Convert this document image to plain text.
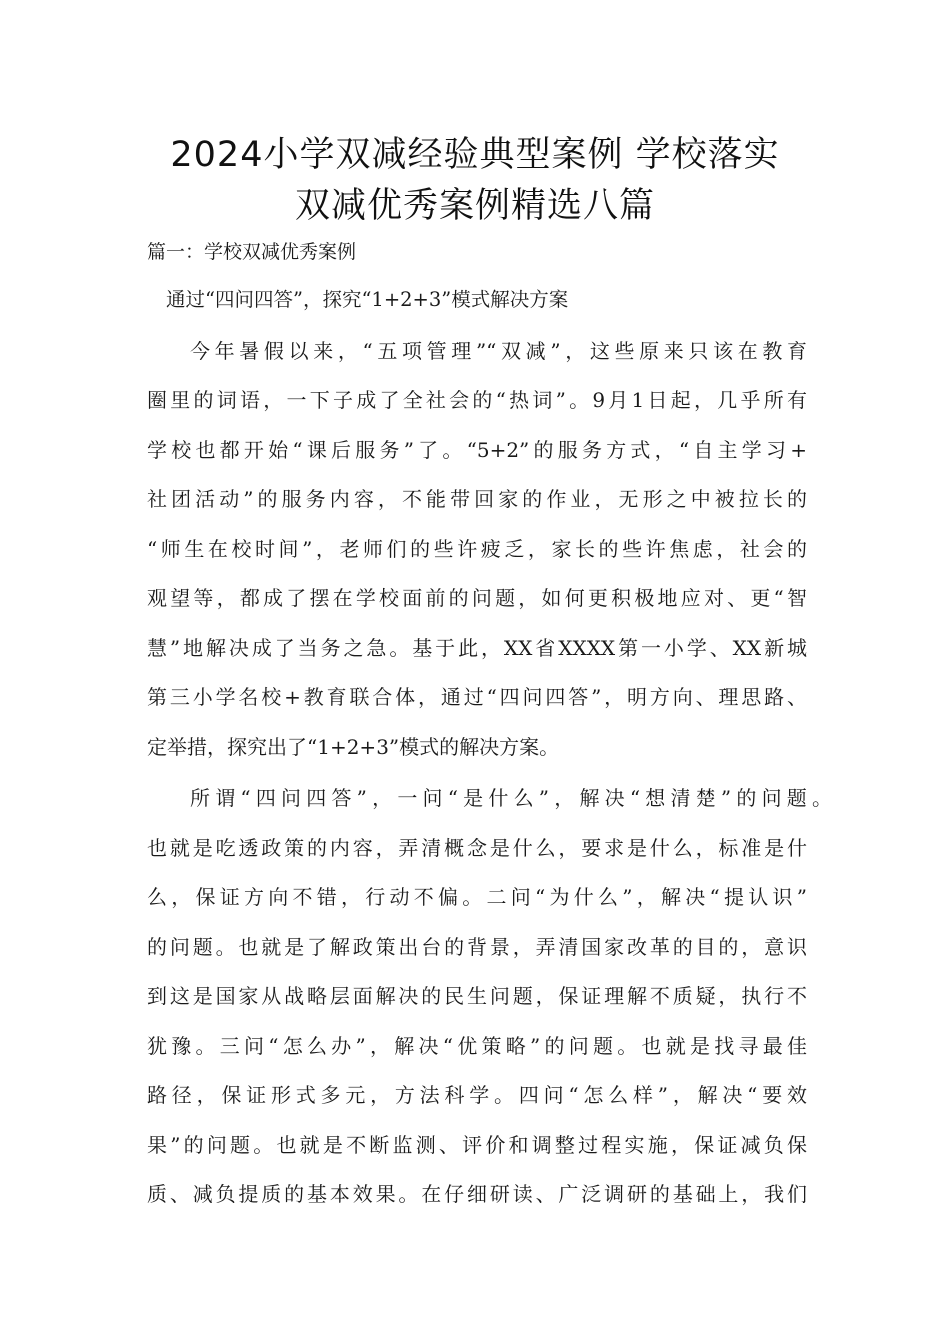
2024小学双减经验典型案例 学校落实
双减优秀案例精选八篇
篇一：学校双减优秀案例
通过“四问四答”，探究“1+2+3”模式解决方案
今年暑假以来，“五项管理”“双减”，这些原来只该在教育
圈里的词语，一下子成了全社会的“热词”。9月1日起，几乎所有
学校也都开始“课后服务”了。“5+2”的服务方式，“自主学习+
社团活动”的服务内容，不能带回家的作业，无形之中被拉长的
“师生在校时间”，老师们的些许疲乏，家长的些许焦虑，社会的
观望等，都成了摆在学校面前的问题，如何更积极地应对、更“智
慧”地解决成了当务之急。基于此，XX省XXXX第一小学、XX新城
第三小学名校+教育联合体，通过“四问四答”，明方向、理思路、
定举措，探究出了“1+2+3”模式的解决方案。
所谓“四问四答”，一问“是什么”，解决“想清楚”的问题。
也就是吃透政策的内容，弄清概念是什么，要求是什么，标准是什
么，保证方向不错，行动不偏。二问“为什么”，解决“提认识”
的问题。也就是了解政策出台的背景，弄清国家改革的目的，意识
到这是国家从战略层面解决的民生问题，保证理解不质疑，执行不
犹豫。三问“怎么办”，解决“优策略”的问题。也就是找寻最佳
路径，保证形式多元，方法科学。四问“怎么样”，解决“要效
果”的问题。也就是不断监测、评价和调整过程实施，保证减负保
质、减负提质的基本效果。在仔细研读、广泛调研的基础上，我们
